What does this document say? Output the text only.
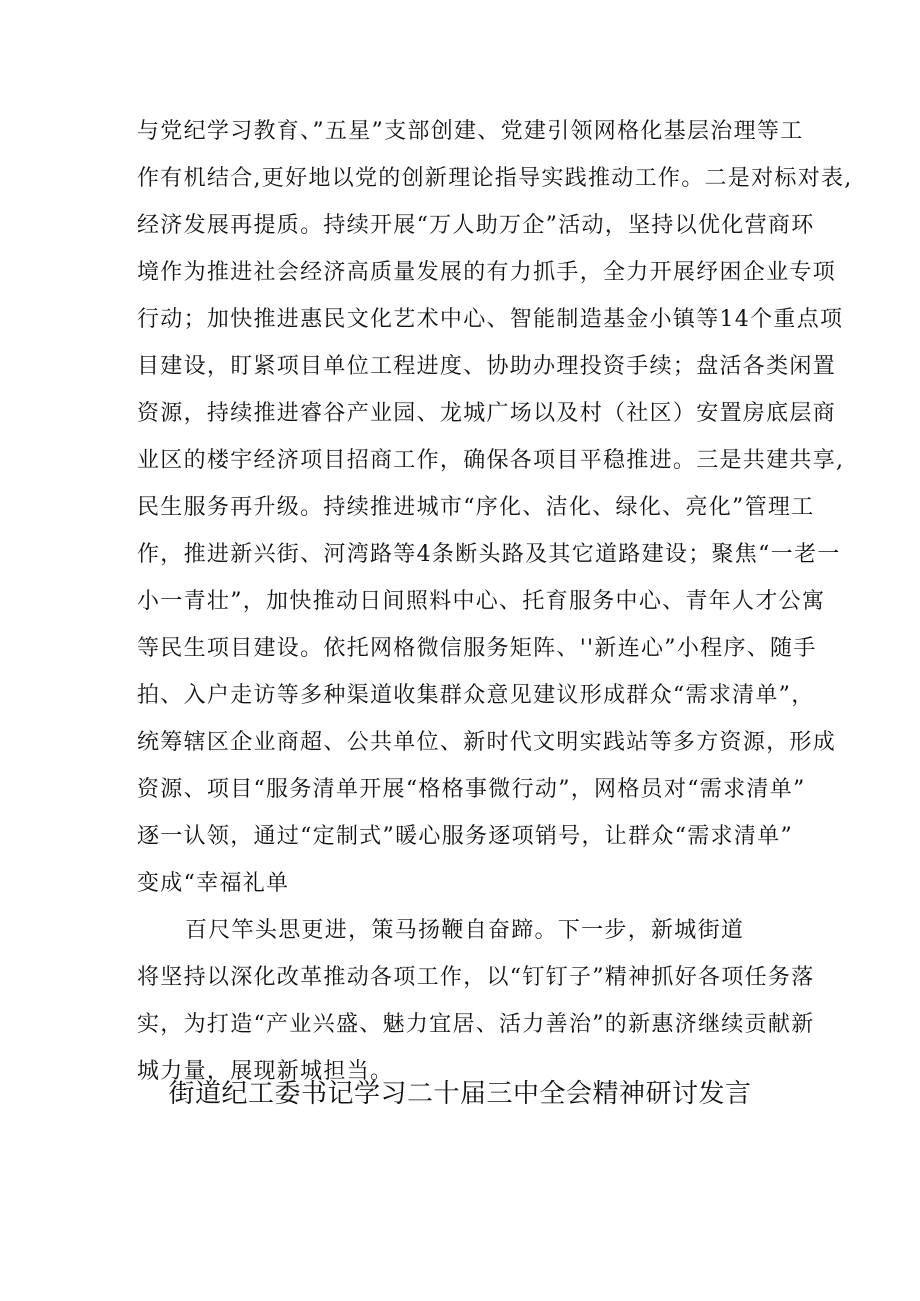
与党纪学习教育、”五星”支部创建、党建引领网格化基层治理等工
作有机结合,更好地以党的创新理论指导实践推动工作。二是对标对表,
经济发展再提质。持续开展“万人助万企”活动，坚持以优化营商环
境作为推进社会经济高质量发展的有力抓手，全力开展纾困企业专项
行动；加快推进惠民文化艺术中心、智能制造基金小镇等14个重点项
目建设，盯紧项目单位工程进度、协助办理投资手续；盘活各类闲置
资源，持续推进睿谷产业园、龙城广场以及村（社区）安置房底层商
业区的楼宇经济项目招商工作，确保各项目平稳推进。三是共建共享,
民生服务再升级。持续推进城市“序化、洁化、绿化、亮化”管理工
作，推进新兴街、河湾路等4条断头路及其它道路建设；聚焦“一老一
小一青壮”，加快推动日间照料中心、托育服务中心、青年人才公寓
等民生项目建设。依托网格微信服务矩阵、''新连心”小程序、随手
拍、入户走访等多种渠道收集群众意见建议形成群众“需求清单”，
统筹辖区企业商超、公共单位、新时代文明实践站等多方资源，形成
资源、项目“服务清单开展“格格事微行动”，网格员对“需求清单”
逐一认领，通过“定制式”暖心服务逐项销号，让群众“需求清单”
变成“幸福礼单
百尺竿头思更进，策马扬鞭自奋蹄。下一步，新城街道
将坚持以深化改革推动各项工作，以“钉钉子”精神抓好各项任务落
实，为打造“产业兴盛、魅力宜居、活力善治”的新惠济继续贡献新
城力量，展现新城担当。
街道纪工委书记学习二十届三中全会精神研讨发言
